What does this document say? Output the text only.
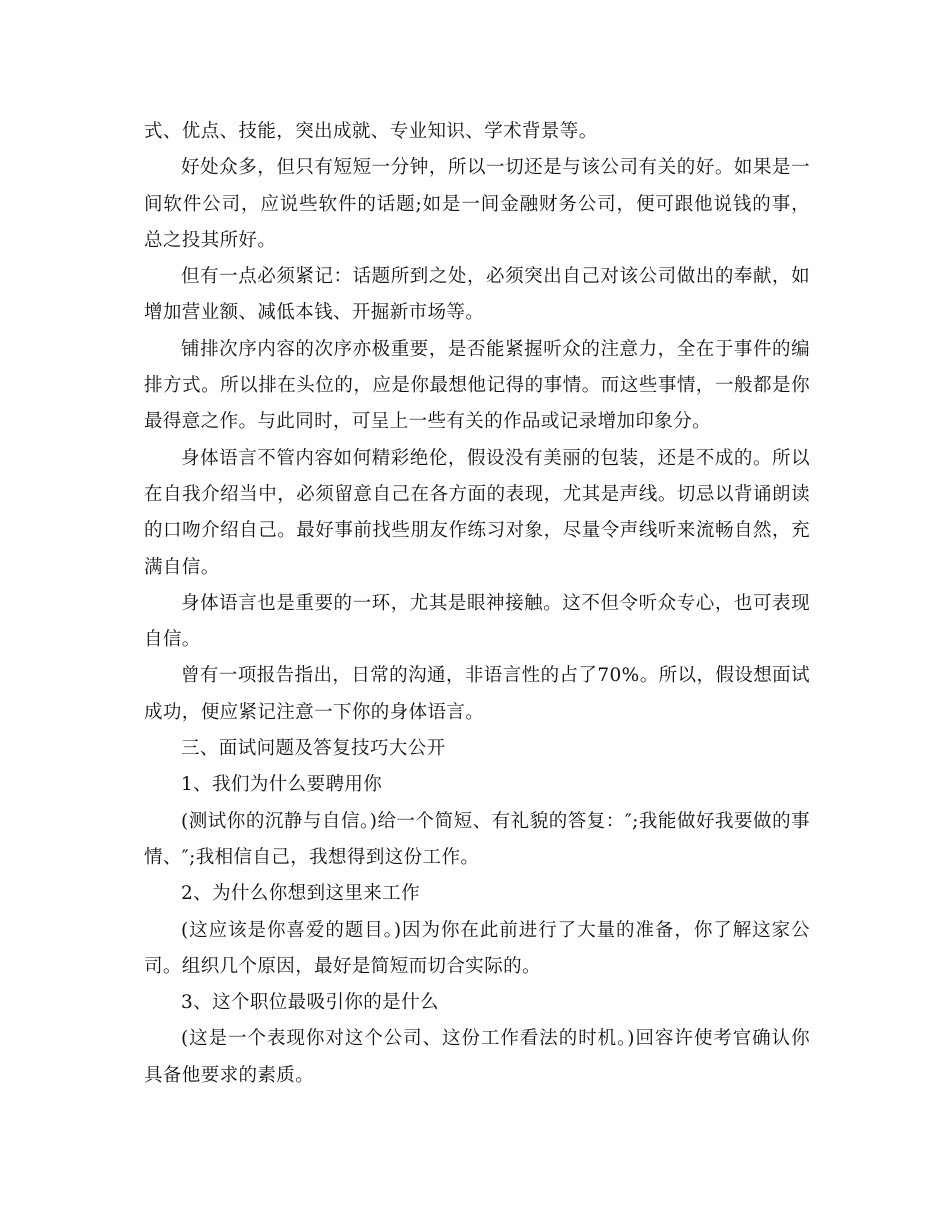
式、优点、技能，突出成就、专业知识、学术背景等。

好处众多，但只有短短一分钟，所以一切还是与该公司有关的好。如果是一间软件公司，应说些软件的话题;如是一间金融财务公司，便可跟他说钱的事，总之投其所好。

但有一点必须紧记：话题所到之处，必须突出自己对该公司做出的奉献，如增加营业额、减低本钱、开掘新市场等。

铺排次序内容的次序亦极重要，是否能紧握听众的注意力，全在于事件的编排方式。所以排在头位的，应是你最想他记得的事情。而这些事情，一般都是你最得意之作。与此同时，可呈上一些有关的作品或记录增加印象分。

身体语言不管内容如何精彩绝伦，假设没有美丽的包装，还是不成的。所以在自我介绍当中，必须留意自己在各方面的表现，尤其是声线。切忌以背诵朗读的口吻介绍自己。最好事前找些朋友作练习对象，尽量令声线听来流畅自然，充满自信。

身体语言也是重要的一环，尤其是眼神接触。这不但令听众专心，也可表现自信。

曾有一项报告指出，日常的沟通，非语言性的占了70%。所以，假设想面试成功，便应紧记注意一下你的身体语言。

三、面试问题及答复技巧大公开

1、我们为什么要聘用你

(测试你的沉静与自信。)给一个简短、有礼貌的答复：″;我能做好我要做的事情、″;我相信自己，我想得到这份工作。

2、为什么你想到这里来工作

(这应该是你喜爱的题目。)因为你在此前进行了大量的准备，你了解这家公司。组织几个原因，最好是简短而切合实际的。

3、这个职位最吸引你的是什么

(这是一个表现你对这个公司、这份工作看法的时机。)回容许使考官确认你具备他要求的素质。
